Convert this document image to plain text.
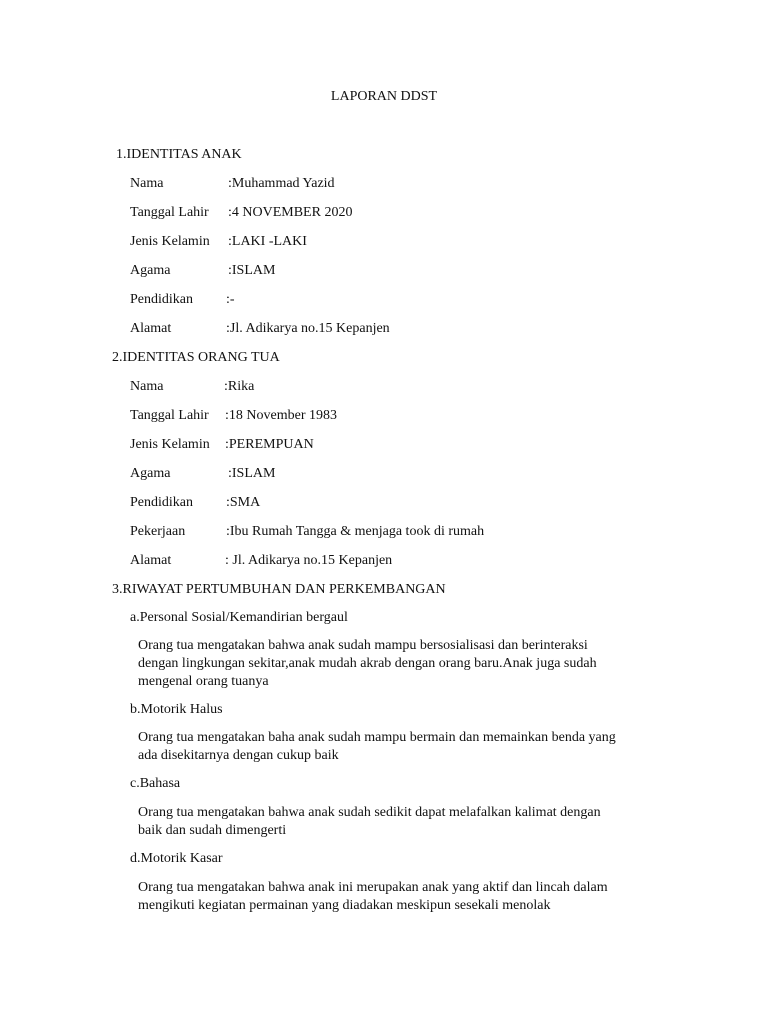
LAPORAN DDST
1.IDENTITAS ANAK
Nama	:Muhammad Yazid
Tanggal Lahir :4 NOVEMBER 2020
Jenis Kelamin :LAKI -LAKI
Agama	:ISLAM
Pendidikan :-
Alamat	:Jl. Adikarya no.15 Kepanjen
2.IDENTITAS ORANG TUA
Nama	:Rika
Tanggal Lahir :18 November 1983
Jenis Kelamin :PEREMPUAN
Agama	:ISLAM
Pendidikan :SMA
Pekerjaan	:Ibu Rumah Tangga & menjaga took di rumah
Alamat	: Jl. Adikarya no.15 Kepanjen
3.RIWAYAT PERTUMBUHAN DAN PERKEMBANGAN
a.Personal Sosial/Kemandirian bergaul
Orang tua mengatakan bahwa anak sudah mampu bersosialisasi dan berinteraksi
dengan lingkungan sekitar,anak mudah akrab dengan orang baru.Anak juga sudah
mengenal orang tuanya
b.Motorik Halus
Orang tua mengatakan baha anak sudah mampu bermain dan memainkan benda yang
ada disekitarnya dengan cukup baik
c.Bahasa
Orang tua mengatakan bahwa anak sudah sedikit dapat melafalkan kalimat dengan
baik dan sudah dimengerti
d.Motorik Kasar
Orang tua mengatakan bahwa anak ini merupakan anak yang aktif dan lincah dalam
mengikuti kegiatan permainan yang diadakan meskipun sesekali menolak
